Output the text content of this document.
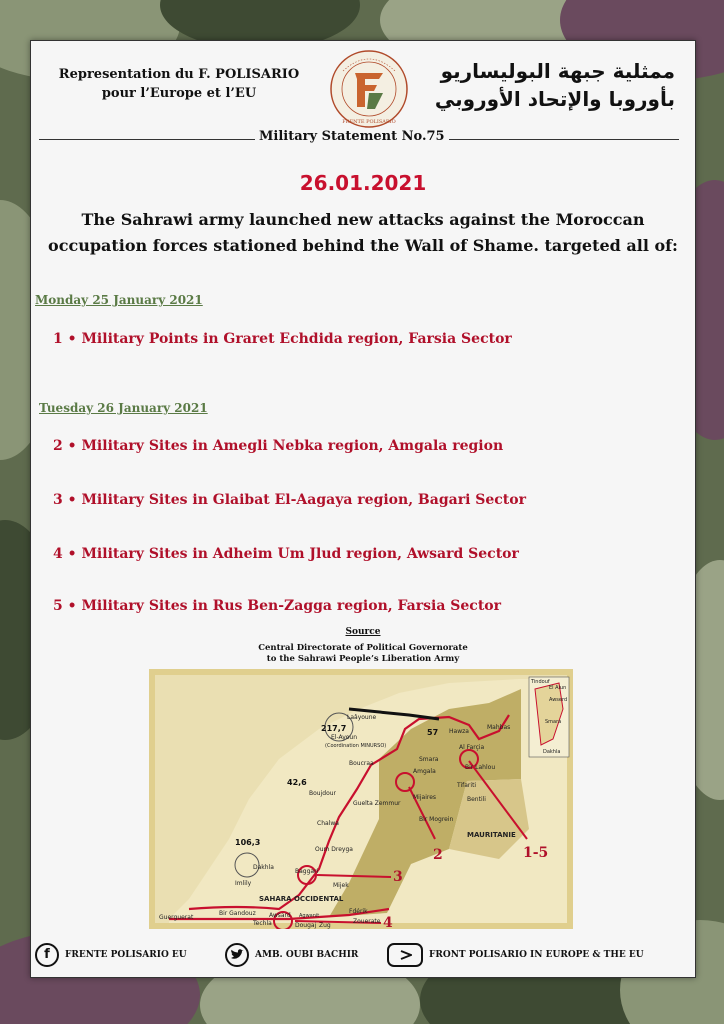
Representation du F. POLISARIO
pour l’Europe et l’EU
FRENTE POLISARIO
ممثلية جبهة البوليساريو
بأوروبا والإتحاد الأوروبي
Military Statement No.75
26.01.2021
The Sahrawi army launched new attacks against the Moroccan
occupation forces stationed behind the Wall of Shame. targeted all of:
Monday 25 January 2021
1 • Military Points in Graret Echdida region, Farsia Sector
Tuesday 26 January 2021
2 • Military Sites in Amegli Nebka region, Amgala region
3 • Military Sites in Glaibat El-Aagaya region, Bagari Sector
4 • Military Sites in Adheim Um Jlud region, Awsard Sector
5 • Military Sites in Rus Ben-Zagga region, Farsia Sector
Source
Central Directorate of Political Governorate
to the Sahrawi People’s Liberation Army
1-5
2
3
4
217,7
Laâyoune
El-Ayoun
(Coordination MINURSO)
Boucraa
42,6
Boujdour
57
Smara
Hawza
Mahbas
Al Farçia
Bir Lahlou
Amgala
Mijaires
Tifariti
Bentili
Guelta Zemmur
Chalwa
Bir Mogrein
MAURITANIE
Oum Dreyga
106,3
Dakhla
Imlily
Baggari
Mijek
SAHARA OCCIDENTAL
Awsard Agwanit
Fdérik
Zouerate
Dougaj
Bir Gandouz
Techla	Zug
Guerguerat
Tindouf
El Aiun
Awserd
Smara
Dakhla
f	FRENTE POLISARIO EU	AMB. OUBI BACHIR	FRONT POLISARIO IN EUROPE & THE EU
